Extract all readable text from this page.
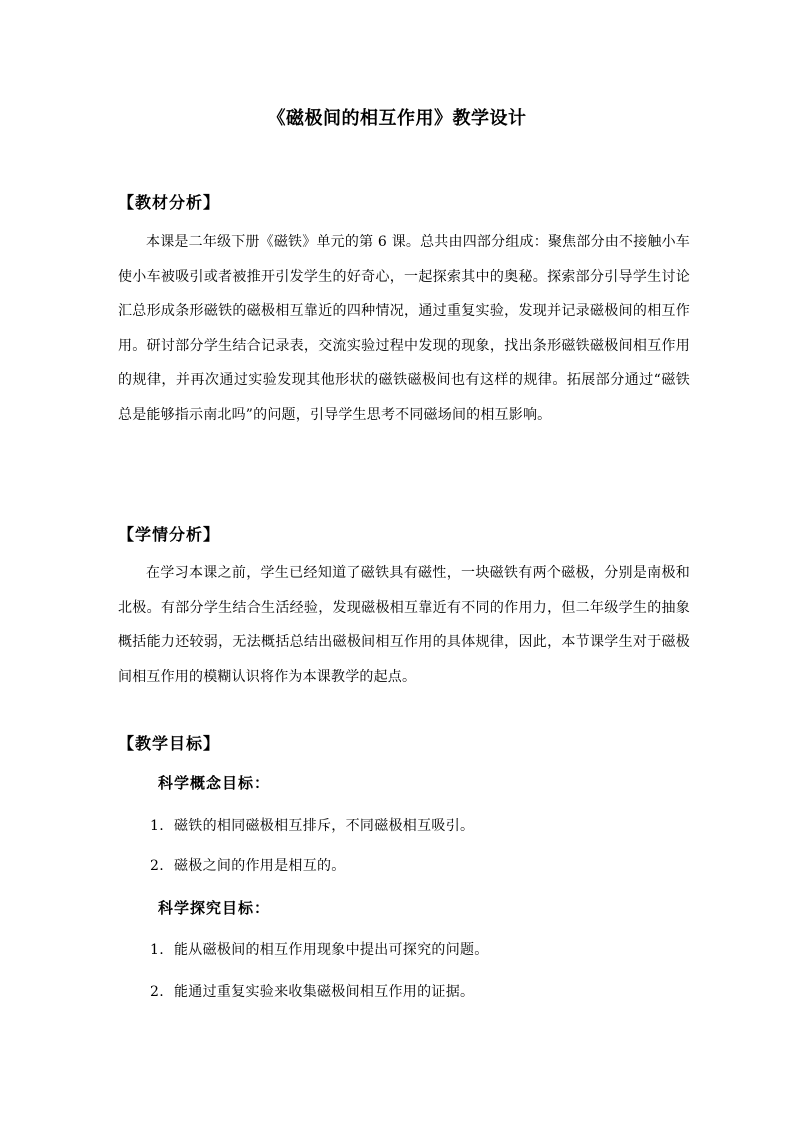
《磁极间的相互作用》教学设计
【教材分析】
本课是二年级下册《磁铁》单元的第 6 课。总共由四部分组成：聚焦部分由不接触小车使小车被吸引或者被推开引发学生的好奇心，一起探索其中的奥秘。探索部分引导学生讨论汇总形成条形磁铁的磁极相互靠近的四种情况，通过重复实验，发现并记录磁极间的相互作用。研讨部分学生结合记录表，交流实验过程中发现的现象，找出条形磁铁磁极间相互作用的规律，并再次通过实验发现其他形状的磁铁磁极间也有这样的规律。拓展部分通过“磁铁总是能够指示南北吗”的问题，引导学生思考不同磁场间的相互影响。
【学情分析】
在学习本课之前，学生已经知道了磁铁具有磁性，一块磁铁有两个磁极，分别是南极和北极。有部分学生结合生活经验，发现磁极相互靠近有不同的作用力，但二年级学生的抽象概括能力还较弱，无法概括总结出磁极间相互作用的具体规律，因此，本节课学生对于磁极间相互作用的模糊认识将作为本课教学的起点。
【教学目标】
科学概念目标：
1. 磁铁的相同磁极相互排斥，不同磁极相互吸引。
2. 磁极之间的作用是相互的。
科学探究目标：
1. 能从磁极间的相互作用现象中提出可探究的问题。
2. 能通过重复实验来收集磁极间相互作用的证据。
